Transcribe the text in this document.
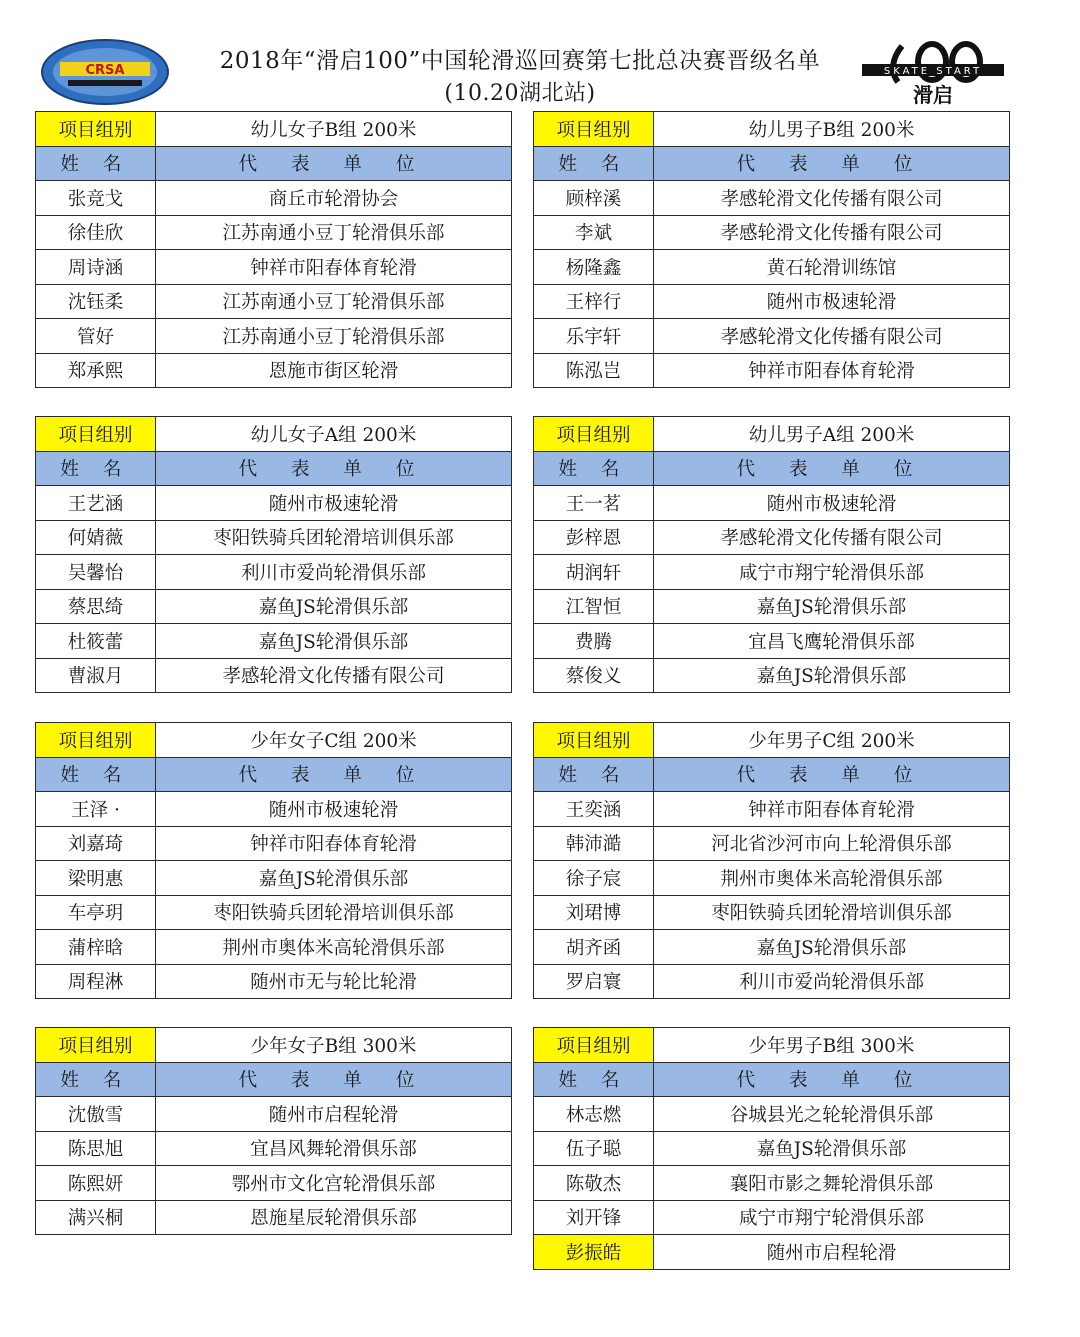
CRSA	2018年“滑启100”中国轮滑巡回赛第七批总决赛晋级名单
(10.20湖北站)
SKATE START
滑启
项目组别	幼儿女子B组 200米
姓 名	代 表 单 位
张竞戈	商丘市轮滑协会
徐佳欣	江苏南通小豆丁轮滑俱乐部
周诗涵	钟祥市阳春体育轮滑
沈钰柔	江苏南通小豆丁轮滑俱乐部
管好	江苏南通小豆丁轮滑俱乐部
郑承熙	恩施市街区轮滑
项目组别	幼儿男子B组 200米
姓 名	代 表 单 位
顾梓溪	孝感轮滑文化传播有限公司
李斌	孝感轮滑文化传播有限公司
杨隆鑫	黄石轮滑训练馆
王梓行	随州市极速轮滑
乐宇轩	孝感轮滑文化传播有限公司
陈泓岂	钟祥市阳春体育轮滑
项目组别	幼儿女子A组 200米
姓 名	代 表 单 位
王艺涵	随州市极速轮滑
何婧薇	枣阳铁骑兵团轮滑培训俱乐部
吴馨怡	利川市爱尚轮滑俱乐部
蔡思绮	嘉鱼JS轮滑俱乐部
杜筱蕾	嘉鱼JS轮滑俱乐部
曹淑月	孝感轮滑文化传播有限公司
项目组别	幼儿男子A组 200米
姓 名	代 表 单 位
王一茗	随州市极速轮滑
彭梓恩	孝感轮滑文化传播有限公司
胡润轩	咸宁市翔宁轮滑俱乐部
江智恒	嘉鱼JS轮滑俱乐部
费腾	宜昌飞鹰轮滑俱乐部
蔡俊义	嘉鱼JS轮滑俱乐部
项目组别	少年女子C组 200米
姓 名	代 表 单 位
王泽 ·	随州市极速轮滑
刘嘉琦	钟祥市阳春体育轮滑
梁明惠	嘉鱼JS轮滑俱乐部
车亭玥	枣阳铁骑兵团轮滑培训俱乐部
蒲梓晗	荆州市奥体米高轮滑俱乐部
周程淋	随州市无与轮比轮滑
项目组别	少年男子C组 200米
姓 名	代 表 单 位
王奕涵	钟祥市阳春体育轮滑
韩沛澔	河北省沙河市向上轮滑俱乐部
徐子宸	荆州市奥体米高轮滑俱乐部
刘珺博	枣阳铁骑兵团轮滑培训俱乐部
胡齐函	嘉鱼JS轮滑俱乐部
罗启寰	利川市爱尚轮滑俱乐部
项目组别	少年女子B组 300米
姓 名	代 表 单 位
沈傲雪	随州市启程轮滑
陈思旭	宜昌风舞轮滑俱乐部
陈熙妍	鄂州市文化宫轮滑俱乐部
满兴桐	恩施星辰轮滑俱乐部
项目组别	少年男子B组 300米
姓 名	代 表 单 位
林志燃	谷城县光之轮轮滑俱乐部
伍子聪	嘉鱼JS轮滑俱乐部
陈敬杰	襄阳市影之舞轮滑俱乐部
刘开锋	咸宁市翔宁轮滑俱乐部
彭振皓	随州市启程轮滑
